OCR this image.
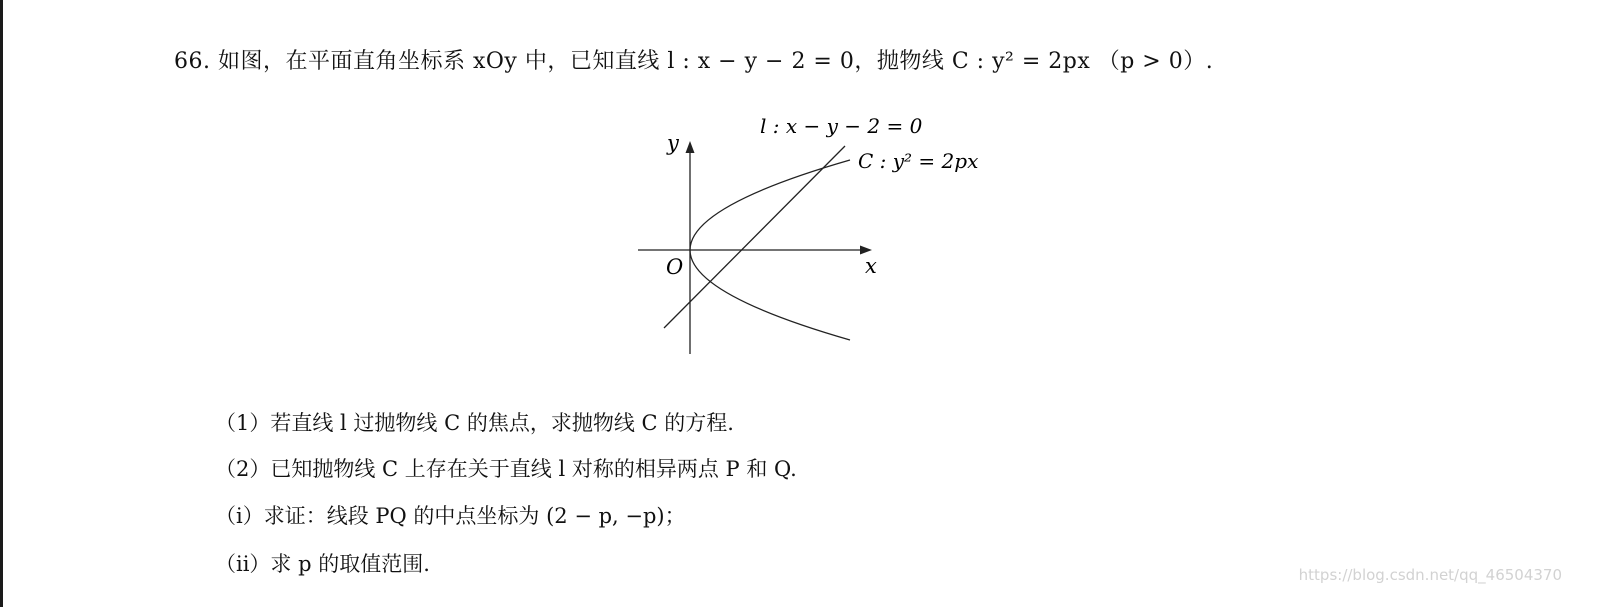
66. 如图，在平面直角坐标系 xOy 中，已知直线 l : x − y − 2 = 0，抛物线 C : y² = 2px （p > 0）.
y
x
O
l : x − y − 2 = 0
C : y² = 2px
（1）若直线 l 过抛物线 C 的焦点，求抛物线 C 的方程.
（2）已知抛物线 C 上存在关于直线 l 对称的相异两点 P 和 Q.
（i）求证：线段 PQ 的中点坐标为 (2 − p, −p)；
（ii）求 p 的取值范围.	https://blog.csdn.net/qq_46504370
